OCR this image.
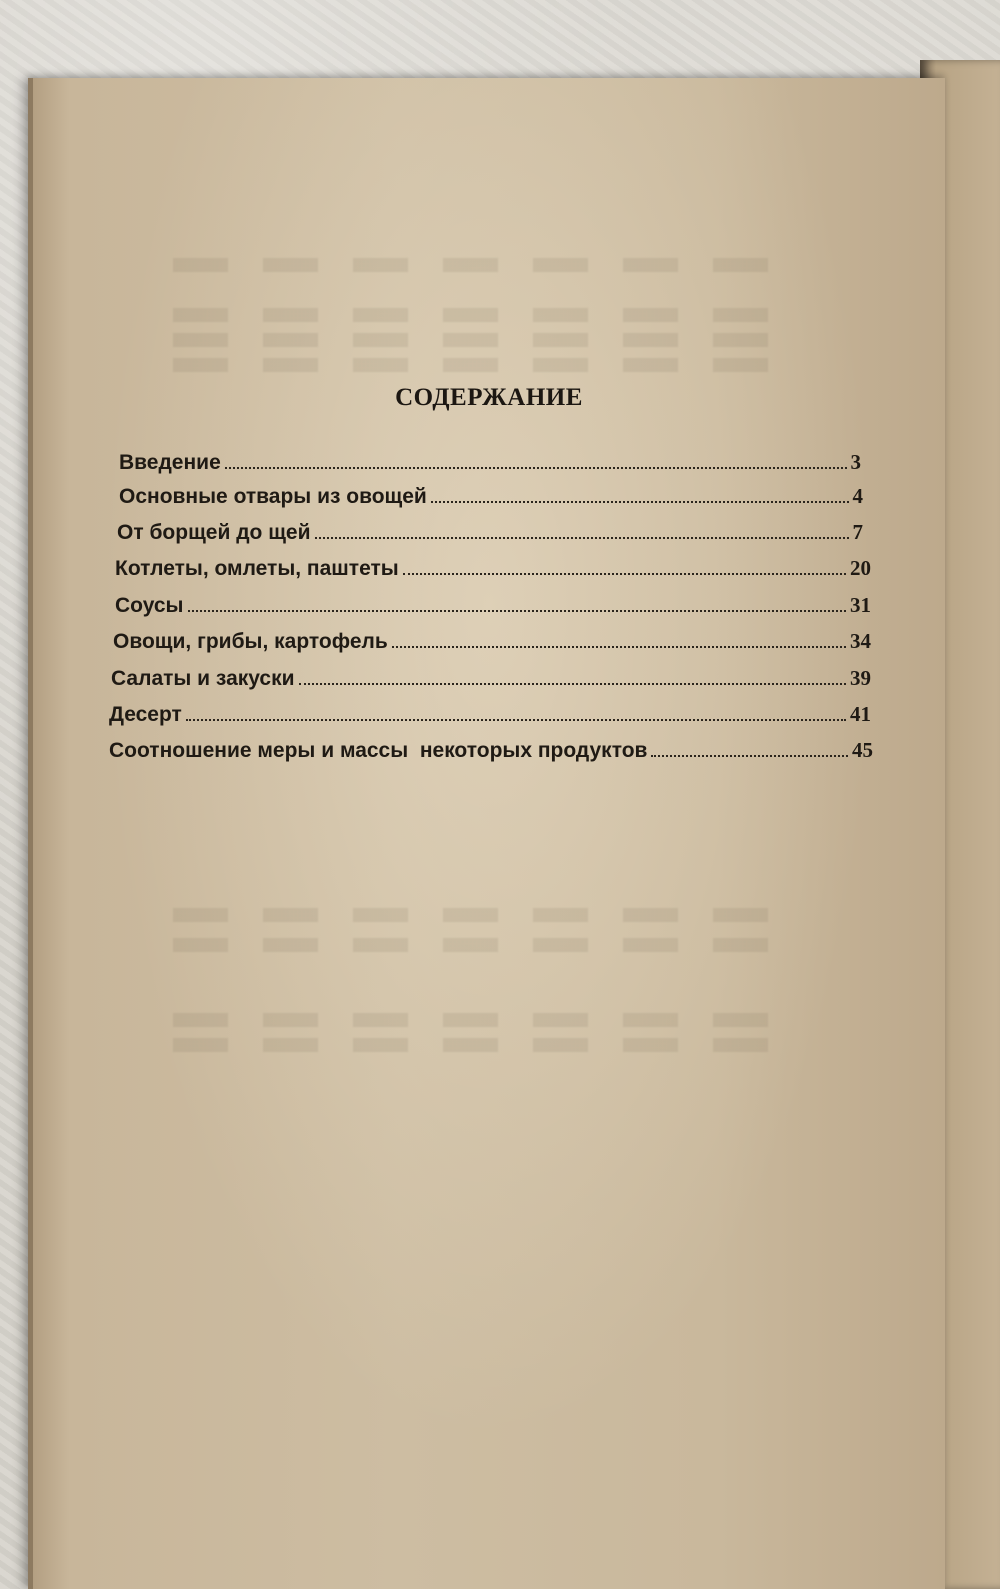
СОДЕРЖАНИЕ
Введение	3
Основные отвары из овощей	4
От борщей до щей	7
Котлеты, омлеты, паштеты	20
Соусы	31
Овощи, грибы, картофель	34
Салаты и закуски	39
Десерт	41
Соотношение меры и массы  некоторых продуктов	45
